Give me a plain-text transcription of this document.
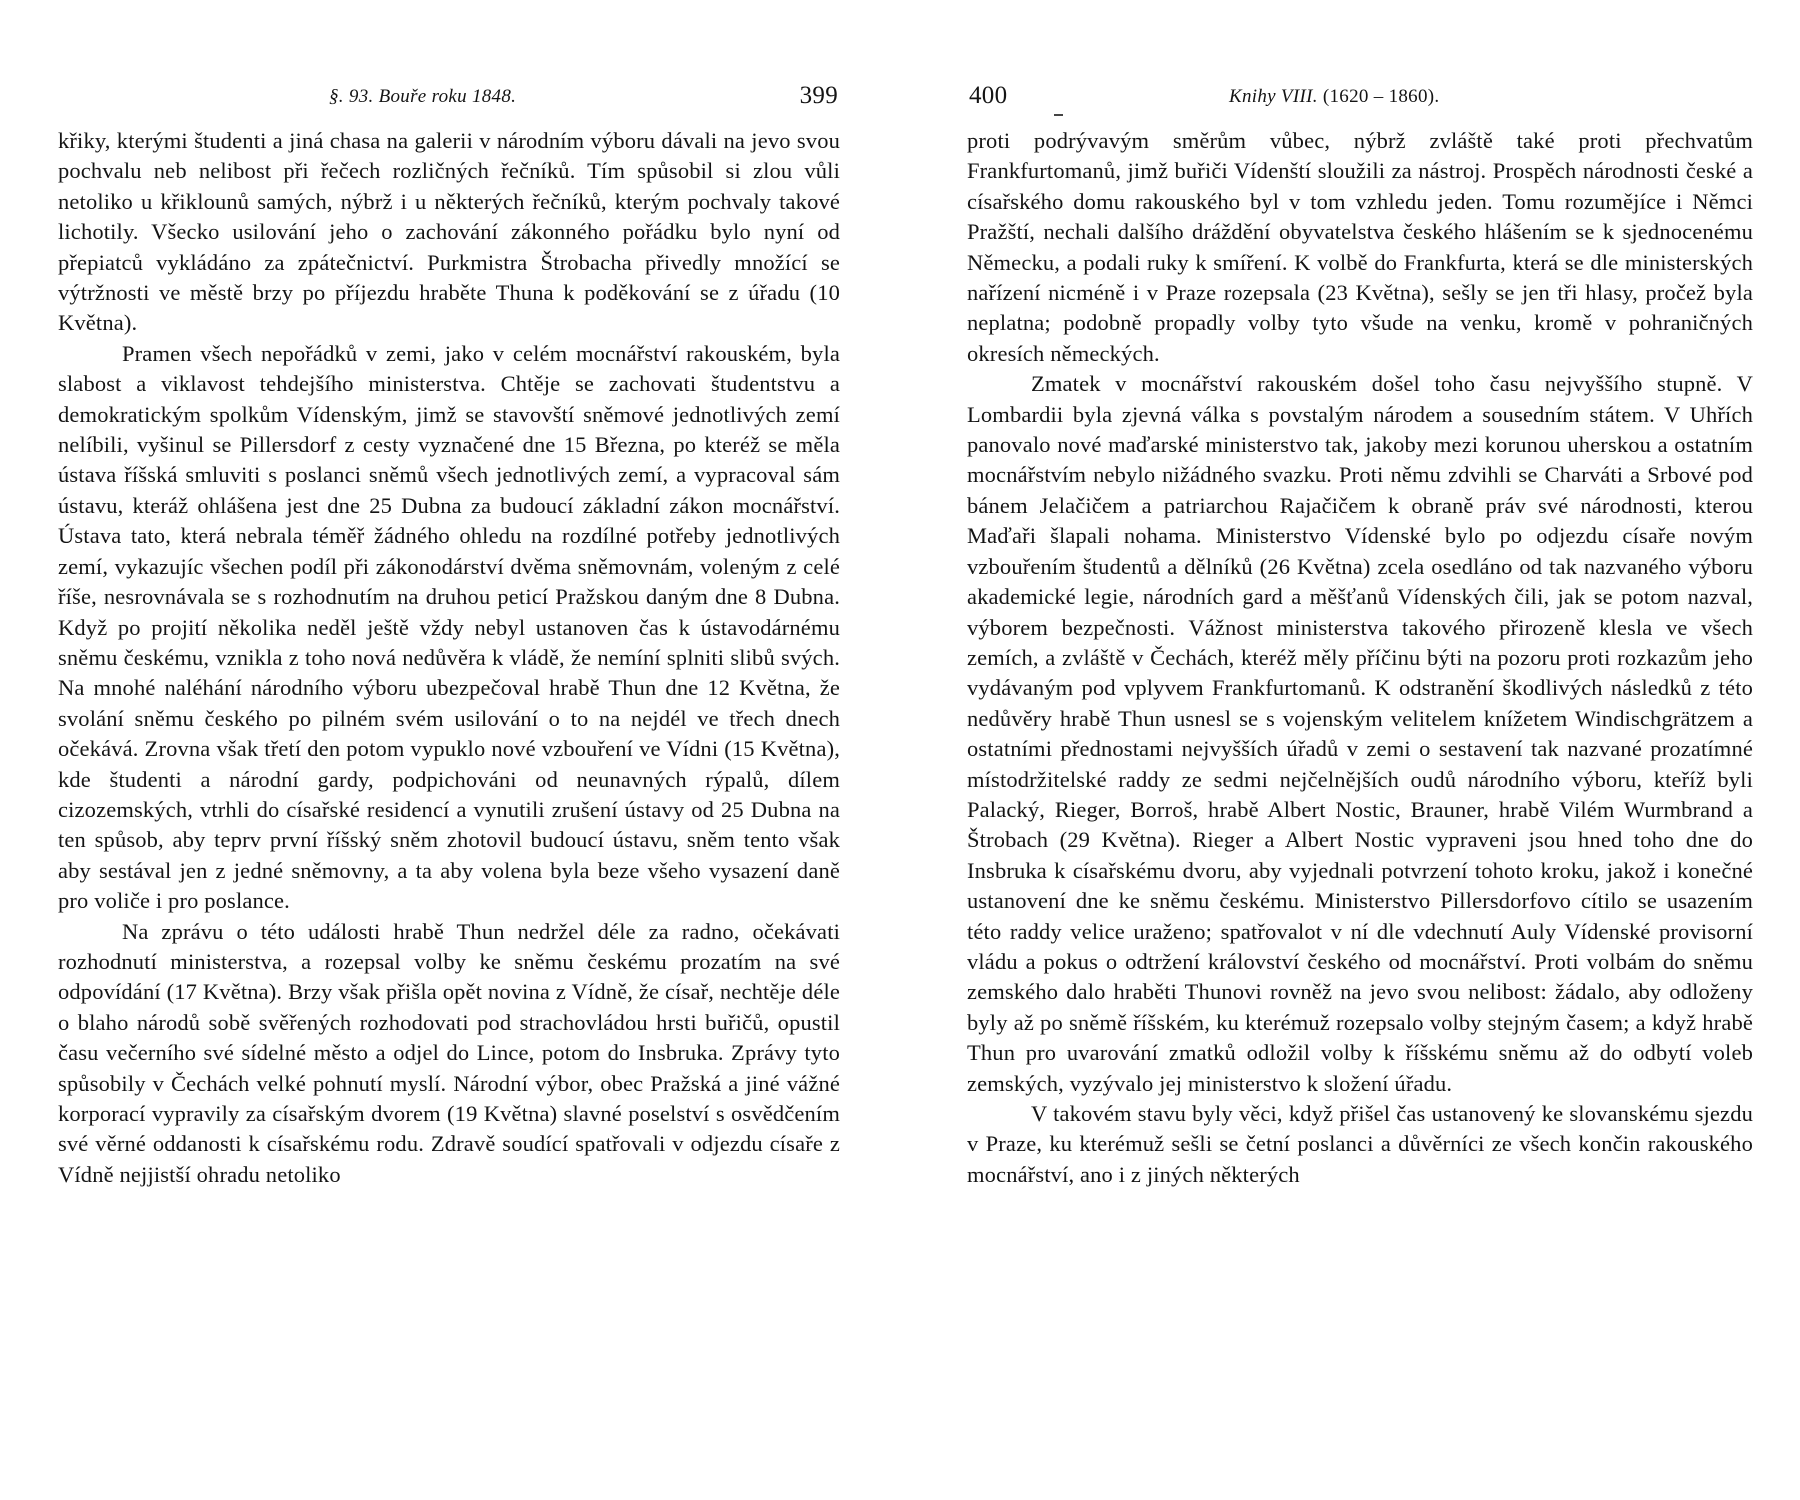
§. 93. Bouře roku 1848.	399

křiky, kterými študenti a jiná chasa na galerii v národním výboru dávali na jevo svou pochvalu neb nelibost při řečech rozličných řečníků. Tím spůsobil si zlou vůli netoliko u křiklounů samých, nýbrž i u některých řečníků, kterým pochvaly takové lichotily. Všecko usilování jeho o zachování zákonného pořádku bylo nyní od přepiatců vykládáno za zpátečnictví. Purkmistra Štrobacha přivedly množící se výtržnosti ve městě brzy po příjezdu hraběte Thuna k poděkování se z úřadu (10 Května).

Pramen všech nepořádků v zemi, jako v celém mocnářství rakouském, byla slabost a viklavost tehdejšího ministerstva. Chtěje se zachovati študentstvu a demokratickým spolkům Vídenským, jimž se stavovští sněmové jednotlivých zemí nelíbili, vyšinul se Pillersdorf z cesty vyznačené dne 15 Března, po kteréž se měla ústava říšská smluviti s poslanci sněmů všech jednotlivých zemí, a vypracoval sám ústavu, kteráž ohlášena jest dne 25 Dubna za budoucí základní zákon mocnářství. Ústava tato, která nebrala téměř žádného ohledu na rozdílné potřeby jednotlivých zemí, vykazujíc všechen podíl při zákonodárství dvěma sněmovnám, voleným z celé říše, nesrovnávala se s rozhodnutím na druhou peticí Pražskou daným dne 8 Dubna. Když po projití několika neděl ještě vždy nebyl ustanoven čas k ústavodárnému sněmu českému, vznikla z toho nová nedůvěra k vládě, že nemíní splniti slibů svých. Na mnohé naléhání národního výboru ubezpečoval hrabě Thun dne 12 Května, že svolání sněmu českého po pilném svém usilování o to na nejdél ve třech dnech očekává. Zrovna však třetí den potom vypuklo nové vzbouření ve Vídni (15 Května), kde študenti a národní gardy, podpichováni od neunavných rýpalů, dílem cizozemských, vtrhli do císařské residencí a vynutili zrušení ústavy od 25 Dubna na ten spůsob, aby teprv první říšský sněm zhotovil budoucí ústavu, sněm tento však aby sestával jen z jedné sněmovny, a ta aby volena byla beze všeho vysazení daně pro voliče i pro poslance.

Na zprávu o této události hrabě Thun nedržel déle za radno, očekávati rozhodnutí ministerstva, a rozepsal volby ke sněmu českému prozatím na své odpovídání (17 Května). Brzy však přišla opět novina z Vídně, že císař, nechtěje déle o blaho národů sobě svěřených rozhodovati pod strachovládou hrsti buřičů, opustil času večerního své sídelné město a odjel do Lince, potom do Insbruka. Zprávy tyto spůsobily v Čechách velké pohnutí myslí. Národní výbor, obec Pražská a jiné vážné korporací vypravily za císařským dvorem (19 Května) slavné poselství s osvědčením své věrné oddanosti k císařskému rodu. Zdravě soudící spatřovali v odjezdu císaře z Vídně nejjistší ohradu netoliko

400	Knihy VIII. (1620 – 1860).

proti podrývavým směrům vůbec, nýbrž zvláště také proti přechvatům Frankfurtomanů, jimž buřiči Vídenští sloužili za nástroj. Prospěch národnosti české a císařského domu rakouského byl v tom vzhledu jeden. Tomu rozumějíce i Němci Pražští, nechali dalšího dráždění obyvatelstva českého hlášením se k sjednocenému Německu, a podali ruky k smíření. K volbě do Frankfurta, která se dle ministerských nařízení nicméně i v Praze rozepsala (23 Května), sešly se jen tři hlasy, pročež byla neplatna; podobně propadly volby tyto všude na venku, kromě v pohraničných okresích německých.

Zmatek v mocnářství rakouském došel toho času nejvyššího stupně. V Lombardii byla zjevná válka s povstalým národem a sousedním státem. V Uhřích panovalo nové maďarské ministerstvo tak, jakoby mezi korunou uherskou a ostatním mocnářstvím nebylo nižádného svazku. Proti němu zdvihli se Charváti a Srbové pod bánem Jelačičem a patriarchou Rajačičem k obraně práv své národnosti, kterou Maďaři šlapali nohama. Ministerstvo Vídenské bylo po odjezdu císaře novým vzbouřením študentů a dělníků (26 Května) zcela osedláno od tak nazvaného výboru akademické legie, národních gard a měšťanů Vídenských čili, jak se potom nazval, výborem bezpečnosti. Vážnost ministerstva takového přirozeně klesla ve všech zemích, a zvláště v Čechách, kteréž měly příčinu býti na pozoru proti rozkazům jeho vydávaným pod vplyvem Frankfurtomanů. K odstranění škodlivých následků z této nedůvěry hrabě Thun usnesl se s vojenským velitelem knížetem Windischgrätzem a ostatními přednostami nejvyšších úřadů v zemi o sestavení tak nazvané prozatímné místodržitelské raddy ze sedmi nejčelnějších oudů národního výboru, kteříž byli Palacký, Rieger, Borroš, hrabě Albert Nostic, Brauner, hrabě Vilém Wurmbrand a Štrobach (29 Května). Rieger a Albert Nostic vypraveni jsou hned toho dne do Insbruka k císařskému dvoru, aby vyjednali potvrzení tohoto kroku, jakož i konečné ustanovení dne ke sněmu českému. Ministerstvo Pillersdorfovo cítilo se usazením této raddy velice uraženo; spatřovalot v ní dle vdechnutí Auly Vídenské provisorní vládu a pokus o odtržení království českého od mocnářství. Proti volbám do sněmu zemského dalo hraběti Thunovi rovněž na jevo svou nelibost: žádalo, aby odloženy byly až po sněmě říšském, ku kterémuž rozepsalo volby stejným časem; a když hrabě Thun pro uvarování zmatků odložil volby k říšskému sněmu až do odbytí voleb zemských, vyzývalo jej ministerstvo k složení úřadu.

V takovém stavu byly věci, když přišel čas ustanovený ke slovanskému sjezdu v Praze, ku kterémuž sešli se četní poslanci a důvěrníci ze všech končin rakouského mocnářství, ano i z jiných některých
